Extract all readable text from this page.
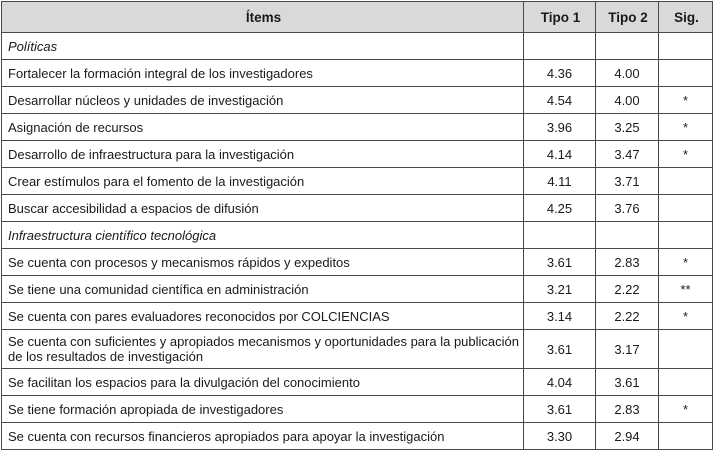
Ítems	Tipo 1	Tipo 2	Sig.
Políticas			
Fortalecer la formación integral de los investigadores	4.36	4.00	
Desarrollar núcleos y unidades de investigación	4.54	4.00	*
Asignación de recursos	3.96	3.25	*
Desarrollo de infraestructura para la investigación	4.14	3.47	*
Crear estímulos para el fomento de la investigación	4.11	3.71	
Buscar accesibilidad a espacios de difusión	4.25	3.76	
Infraestructura científico tecnológica			
Se cuenta con procesos y mecanismos rápidos y expeditos	3.61	2.83	*
Se tiene una comunidad científica en administración	3.21	2.22	**
Se cuenta con pares evaluadores reconocidos por COLCIENCIAS	3.14	2.22	*
Se cuenta con suficientes y apropiados mecanismos y oportunidades para la publicación de los resultados de investigación	3.61	3.17	
Se facilitan los espacios para la divulgación del conocimiento	4.04	3.61	
Se tiene formación apropiada de investigadores	3.61	2.83	*
Se cuenta con recursos financieros apropiados para apoyar la investigación	3.30	2.94	
